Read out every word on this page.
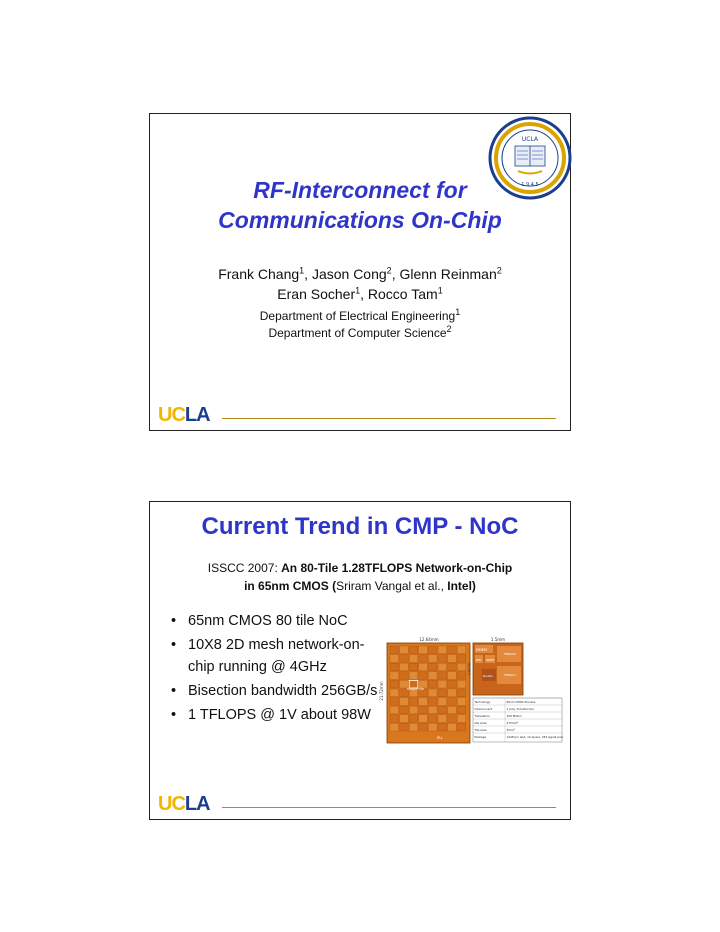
UCLA
1 9 4 5
RF-Interconnect for
Communications On-Chip
Frank Chang$^1$, Jason Cong$^2$, Glenn Reinman$^2$
Eran Socher$^1$, Rocco Tam$^1$
Department of Electrical Engineering$^1$
Department of Computer Science$^2$
UCLA
Current Trend in CMP - NoC
ISSCC 2007: An 80-Tile 1.28TFLOPS Network-on-Chip
in 65nm CMOS (Sriram Vangal et al., Intel)
• 65nm CMOS 80 tile NoC
• 10X8 2D mesh network-on-chip running @ 4GHz
• Bisection bandwidth 256GB/s
• 1 TFLOPS @ 1V about 98W
12.64mm
21.72mm	single tile
PLL
DMEM
RIB IMEM
FPMAC0
FPMAC1
Router
1.5mm
2.0mm
Technology	65nm CMOS Process
Interconnect	1 poly, 8 metal (Cu)
Transistors	100 Million
Die Area	275mm²
Tile area	3mm²
Package	1248 pin LGA, 14 layers, 343 signal pins
UCLA
